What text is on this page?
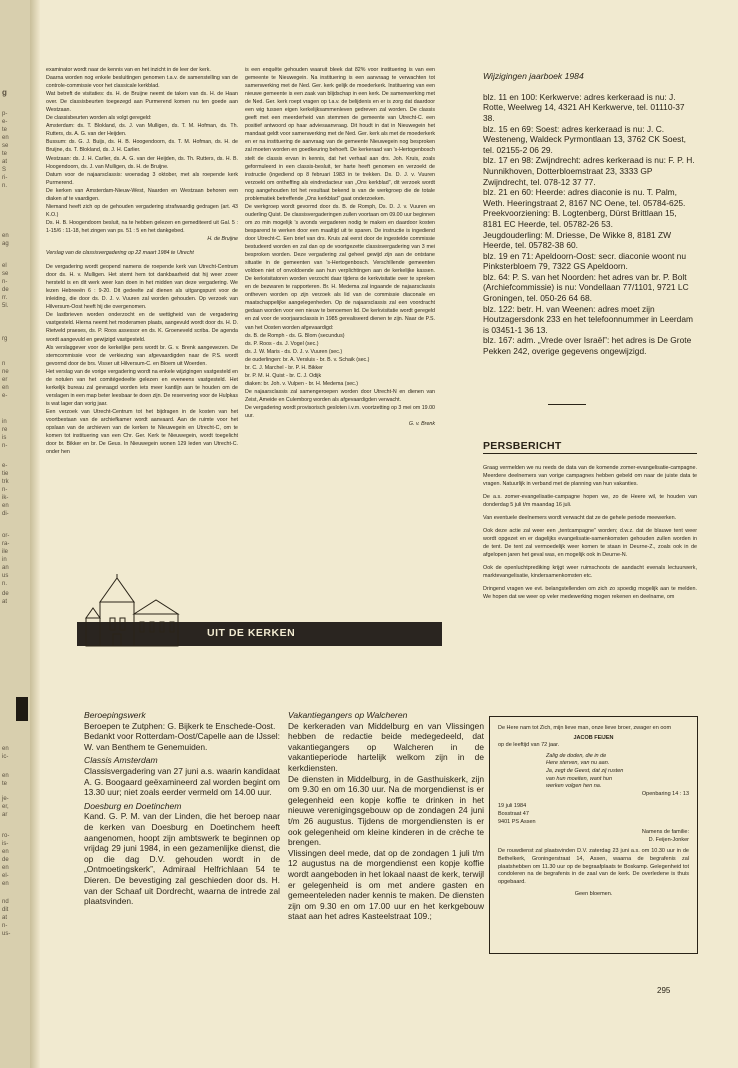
g
p-
e-
te
en
se
te
at
S
ri-
n.
en
ag
el
se
n-
de
rr.
5l.
rg
n
ne
er
en
e-
in
re
is
n-
e-
tie
trk
n-
ik-
en
di-
or-
ra-
ile
in
an
us
n.
de
at
en
ic-
en
te
je-
er,
ar
ro-
is-
en
de
en
el-
en
nd
dit
at
n-
us-

examinator wordt naar de kennis van en het inzicht in de leer der kerk.

Daarna worden nog enkele besluitingen genomen t.a.v. de samenstelling van de controle-commissie voor het classicale kerkblad.

Wat betreft de visitaties: ds. H. de Bruijne neemt de taken van ds. H. de Haan over. De classisbeurten toegezegd aan Purmerend komen nu ten goede aan Westzaan.

De classisbeurten worden als volgt geregeld:

Amsterdam: ds. T. Blokland, ds. J. van Mulligen, ds. T. M. Hofman, ds. Th. Rutters, ds. A. G. van der Heijden.

Bussum: ds. G. J. Buijs, ds. H. B. Hoogendoorn, ds. T. M. Hofman, ds. H. de Bruijne, ds. T. Blokland, ds. J. H. Carlier.

Westzaan: ds. J. H. Carlier, ds. A. G. van der Heijden, ds. Th. Rutters, ds. H. B. Hoogendoorn, ds. J. van Mulligen, ds. H. de Bruijne.

Datum voor de najaarsclassis: woensdag 3 oktober, met als roepende kerk Purmerend.

De kerken van Amsterdam-Nieuw-West, Naarden en Westzaan behoren een diaken af te vaardigen.

Niemand heeft zich op de gehouden vergadering strafwaardig gedragen (art. 43 K.O.)

Ds. H. B. Hoogendoorn besluit, na te hebben gelezen en gemediteerd uit Gal. 5 : 1-15/6 : 11-18, het zingen van ps. 51 : 5 en het dankgebed.

H. de Bruijne

Verslag van de classisvergadering op 22 maart 1984 te Utrecht

De vergadering wordt geopend namens de roepende kerk van Utrecht-Centrum door ds. H. v. Mulligen. Het stemt hem tot dankbaarheid dat hij weer zover hersteld is en dit werk weer kan doen in het midden van deze vergadering. We lezen Hebreeën 6 : 9-20. Dit gedeelte zal dienen als uitgangspunt voor de inleiding, die door ds. D. J. v. Vuuren zal worden gehouden. Op verzoek van Hilversum-Oost heeft hij die overgenomen.

De lastbrieven worden onderzocht en de wettigheid van de vergadering vastgesteld. Hierna neemt het moderamen plaats, aangevuld wordt door ds. H. D. Rietveld praeses, ds. P. Roos assessor en ds. K. Groeneveld scriba. De agenda wordt aangevuld en gewijzigd vastgesteld.

Als verslaggever voor de kerkelijke pers wordt br. G. v. Brenk aangewezen. De stemcommissie voor de verkiezing van afgevaardigden naar de P.S. wordt gevormd door de brs. Visser uit Hilversum-C. en Bloem uit Woerden.

Het verslag van de vorige vergadering wordt na enkele wijzigingen vastgesteld en de notulen van het comitégedeelte gelezen en eveneens vastgesteld. Het kerkelijk bureau zal gevraagd worden iets meer kantlijn aan te houden om de verslagen in een map beter leesbaar te doen zijn. De reservering voor de Hulpkas is wat lager dan vorig jaar.

Een verzoek van Utrecht-Centrum tot het bijdragen in de kosten van het voortbestaan van de archiefkamer wordt aanvaard. Aan de ruimte voor het opslaan van de archieven van de kerken te Nieuwegein en Utrecht-C, om te komen tot instituering van een Chr. Ger. Kerk te Nieuwegein, wordt toegelicht door br. Bikker en br. De Geus. In Nieuwegein wonen 129 leden van Utrecht-C. onder hen

is een enquête gehouden waaruit bleek dat 82% voor instituering is van een gemeente te Nieuwegein. Na instituering is een aanvraag te verwachten tot samenwerking met de Ned. Ger. kerk gelijk de moederkerk. Instituering van een nieuwe gemeente is een zaak van blijdschap in een kerk. De samenwerking met de Ned. Ger. kerk roept vragen op t.a.v. de belijdenis en er is zorg dat daardoor een wig tussen eigen kerkelijksammenleven gedreven zal worden. De classis geeft met een meerderheid van stemmen de gemeente van Utrecht-C. een positief antwoord op haar adviesaanvraag. Dit houdt in dat in Nieuwegein het mandaat geldt voor samenwerking met de Ned. Ger. kerk als met de moederkerk en er na instituering de aanvraag van de gemeente Nieuwegein nog besproken zal moeten worden en goedkeuring behoeft. De kerkeraad van 's-Hertogenbosch stelt de classis ervan in kennis, dat het verhaal aan drs. Joh. Kruis, zoals geformuleerd in een classis-besluit, ter harte heeft genomen en verzoekt de instructie (ingediend op 8 februari 1983 in te trekken. Ds. D. J. v. Vuuren verzoekt om ontheffing als eindredacteur van „Ons kerkblad”, dit verzoek wordt nog aangehouden tot het resultaat bekend is van de werkgroep die de totale problematiek betreffende „Ons kerkblad” gaat onderzoeken.

De werkgroep wordt gevormd door ds. B. de Romph, Ds. D. J. v. Vuuren en ouderling Quist. De classisvergaderingen zullen voortaan om 09.00 uur beginnen om zo min mogelijk 's avonds vergaderen nodig te maken en daardoor kosten besparend te werken door een maaltijd uit te sparen. De instructie is ingediend door Utrecht-C. Een brief van drs. Kruis zal eerst door de ingestelde commissie bestudeerd worden en zal dan op de voortgezette classisvergadering van 3 mei besproken worden. Deze vergadering zal geheel gewijd zijn aan de ontstane situatie in de gemeenten van 's-Hertogenbosch. Verschillende gemeenten voldoen niet of onvoldoende aan hun verplichtingen aan de kerkelijke kassen. De kerkvisitatoren worden verzocht daar tijdens de kerkvisitatie over te spreken en de bezwaren te rapporteren. Br. H. Medema zal ingaande de najaarsclassis ontheven worden op zijn verzoek als lid van de commissie diaconale en maatschappelijke aangelegenheden. Op de najaarsclassis zal een voordracht gedaan worden voor een nieuw te benoemen lid. De kerkvisitatie wordt geregeld en zal voor de voorjaarsclassis in 1985 gerealiseerd dienen te zijn. Naar de P.S. van het Oosten worden afgevaardigd:

ds. B. de Romph - ds. G. Blom (secundus)

ds. P. Roos - ds. J. Vogel (sec.)

ds. J. W. Maris - ds. D. J. v. Vuuren (sec.)

de ouderlingen: br. A. Versluis - br. B. v. Schaik (sec.)

br. C. J. Marchel - br. P. H. Bikker

br. P. M. H. Quist - br. C. J. Odijk

diaken: br. Joh. v. Vulpen - br. H. Medema (sec.)

De najaarsclassis zal samengeroepen worden door Utrecht-N en dienen van Zeist, Ameide en Culemborg worden als afgevaardigden verwacht.

De vergadering wordt provisorisch gesloten i.v.m. voortzetting op 3 mei om 19.00 uur.

G. v. Brenk

Wijzigingen jaarboek 1984

blz. 11 en 100: Kerkwerve: adres kerkeraad is nu: J. Rotte, Weelweg 14, 4321 AH Kerkwerve, tel. 01110-37 38.
blz. 15 en 69: Soest: adres kerkeraad is nu: J. C. Westeneng, Waldeck Pyrmontlaan 13, 3762 CK Soest, tel. 02155-2 06 29.
blz. 17 en 98: Zwijndrecht: adres kerkeraad is nu: F. P. H. Nunnikhoven, Dotterbloemstraat 23, 3333 GP Zwijndrecht, tel. 078-12 37 77.
blz. 21 en 60: Heerde: adres diaconie is nu. T. Palm, Weth. Heeringstraat 2, 8167 NC Oene, tel. 05784-625.
Preekvoorziening: B. Logtenberg, Dürst Brittlaan 15, 8181 EC Heerde, tel. 05782-26 53.
Jeugdouderling: M. Driesse, De Wikke 8, 8181 ZW Heerde, tel. 05782-38 60.
blz. 19 en 71: Apeldoorn-Oost: secr. diaconie woont nu Pinksterbloem 79, 7322 GS Apeldoorn.
blz. 64: P. S. van het Noorden: het adres van br. P. Bolt (Archiefcommissie) is nu: Vondellaan 77/1101, 9721 LC Groningen, tel. 050-26 64 68.
blz. 122: betr. H. van Weenen: adres moet zijn Houtzagersdonk 233 en het telefoonnummer in Leerdam is 03451-1 36 13.
blz. 167: adm. „Vrede over Israël”: het adres is De Grote Pekken 242, overige gegevens ongewijzigd.

PERSBERICHT

Graag vermelden we nu reeds de data van de komende zomer-evangelisatie-campagne. Meerdere deelnemers van vorige campagnes hebben gebeld om naar de juiste data te vragen. Natuurlijk in verband met de planning van hun vakanties.

De a.s. zomer-evangelisatie-campagne hopen we, zo de Heere wil, te houden van donderdag 5 juli t/m maandag 16 juli.

Van eventuele deelnemers wordt verwacht dat ze de gehele periode meewerken.

Ook deze actie zal weer een „tentcampagne” worden; d.w.z. dat de blauwe tent weer wordt opgezet en er dagelijks evangelisatie-samenkomsten gehouden zullen worden in de tent. De tent zal vermoedelijk weer komen te staan in Deurne-Z., zoals ook in de afgelopen jaren het geval was, en mogelijk ook in Deurne-N.

Ook de openluchtprediking krijgt weer ruimschoots de aandacht evenals lectuurwerk, marktevangelisatie, kindersamenkomsten etc.

Dringend vragen we evt. belangstellenden om zich zo spoedig mogelijk aan te melden. We hopen dat we weer op veler medewerking mogen rekenen en deelname, om

UIT DE KERKEN

Beroepingswerk

Beroepen te Zutphen: G. Bijkerk te Enschede-Oost.

Bedankt voor Rotterdam-Oost/Capelle aan de IJssel: W. van Benthem te Genemuiden.

Classis Amsterdam

Classisvergadering van 27 juni a.s. waarin kandidaat A. G. Boogaard geëxamineerd zal worden begint om 13.30 uur; niet zoals eerder vermeld om 14.00 uur.

Doesburg en Doetinchem

Kand. G. P. M. van der Linden, die het beroep naar de kerken van Doesburg en Doetinchem heeft aangenomen, hoopt zijn ambtswerk te beginnen op vrijdag 29 juni 1984, in een gezamenlijke dienst, die op die dag D.V. gehouden wordt in de „Ontmoetingskerk”, Admiraal Helfrichlaan 54 te Dieren. De bevestiging zal geschieden door ds. H. van der Schaaf uit Dordrecht, waarna de intrede zal plaatsvinden.

Vakantiegangers op Walcheren

De kerkeraden van Middelburg en van Vlissingen hebben de redactie beide medegedeeld, dat vakantiegangers op Walcheren in de vakantieperiode hartelijk welkom zijn in de kerkdiensten.

De diensten in Middelburg, in de Gasthuiskerk, zijn om 9.30 en om 16.30 uur. Na de morgendienst is er gelegenheid een kopje koffie te drinken in het nieuwe verenigingsgebouw op de zondagen 24 juni t/m 26 augustus. Tijdens de morgendiensten is er ook gelegenheid om kleine kinderen in de crèche te brengen.

Vlissingen deel mede, dat op de zondagen 1 juli t/m 12 augustus na de morgendienst een kopje koffie wordt aangeboden in het lokaal naast de kerk, terwijl er gelegenheid is om met andere gasten en gemeenteleden nader kennis te maken. De diensten zijn om 9.30 en om 17.00 uur en het kerkgebouw staat aan het adres Kasteelstraat 109.;

De Here nam tot Zich, mijn lieve man, onze lieve broer, zwager en oom

JACOB FEIJEN

op de leeftijd van 72 jaar.

Zalig de doden, die in de
Here sterven, van nu aan.
Ja, zegt de Geest, dat zij rusten
van hun moeiten, want hun
werken volgen hen na.

Openbaring 14 : 13

19 juli 1984
Bosstraat 47
9401 PS Assen

Namens de familie:

D. Feijen-Jonker

De rouwdienst zal plaatsvinden D.V. zaterdag 23 juni a.s. om 10.30 uur in de Bethelkerk, Groningerstraat 14, Assen, waarna de begrafenis zal plaatshebben om 11.30 uur op de begraafplaats te Boskamp. Gelegenheid tot condoleren na de begrafenis in de zaal van de kerk. De overledene is thuis opgebaard.

Geen bloemen.

295
